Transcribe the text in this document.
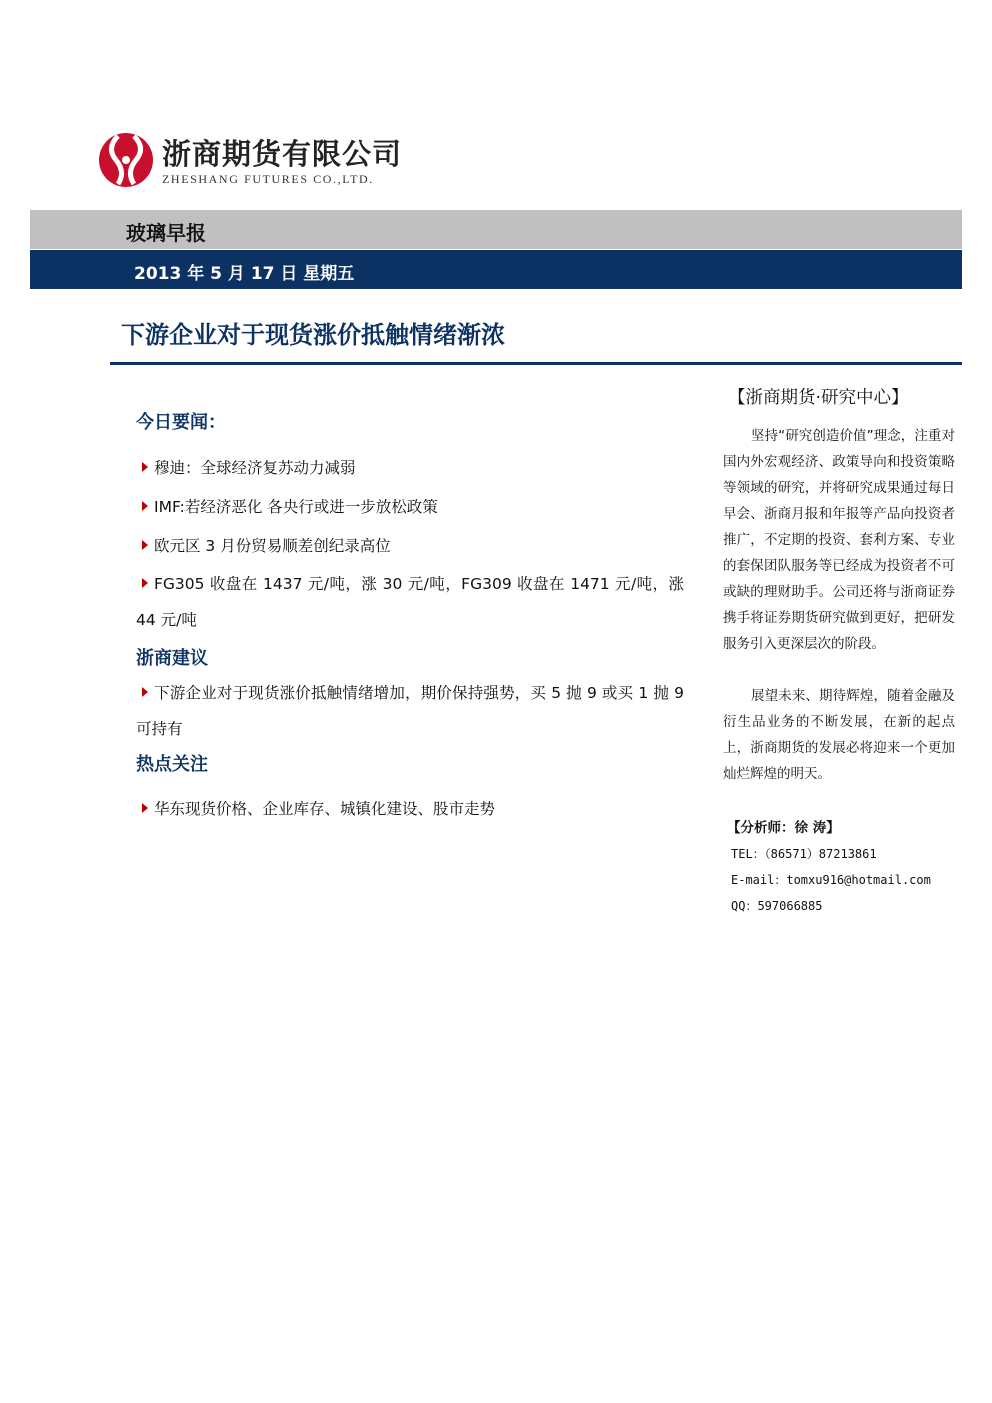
浙商期货有限公司
ZHESHANG FUTURES CO.,LTD.
玻璃早报
2013 年 5 月 17 日 星期五
下游企业对于现货涨价抵触情绪渐浓
今日要闻：
穆迪：全球经济复苏动力减弱
IMF:若经济恶化 各央行或进一步放松政策
欧元区 3 月份贸易顺差创纪录高位
FG305 收盘在 1437 元/吨，涨 30 元/吨，FG309 收盘在 1471 元/吨，涨 44 元/吨
浙商建议
下游企业对于现货涨价抵触情绪增加，期价保持强势，买 5 抛 9 或买 1 抛 9 可持有
热点关注
华东现货价格、企业库存、城镇化建设、股市走势
【浙商期货·研究中心】
坚持“研究创造价值”理念，注重对国内外宏观经济、政策导向和投资策略等领域的研究，并将研究成果通过每日早会、浙商月报和年报等产品向投资者推广，不定期的投资、套利方案、专业的套保团队服务等已经成为投资者不可或缺的理财助手。公司还将与浙商证券携手将证券期货研究做到更好，把研发服务引入更深层次的阶段。
展望未来、期待辉煌，随着金融及衍生品业务的不断发展，在新的起点上，浙商期货的发展必将迎来一个更加灿烂辉煌的明天。
【分析师：徐 涛】
TEL：（86571）87213861
E-mail：tomxu916@hotmail.com
QQ：597066885
